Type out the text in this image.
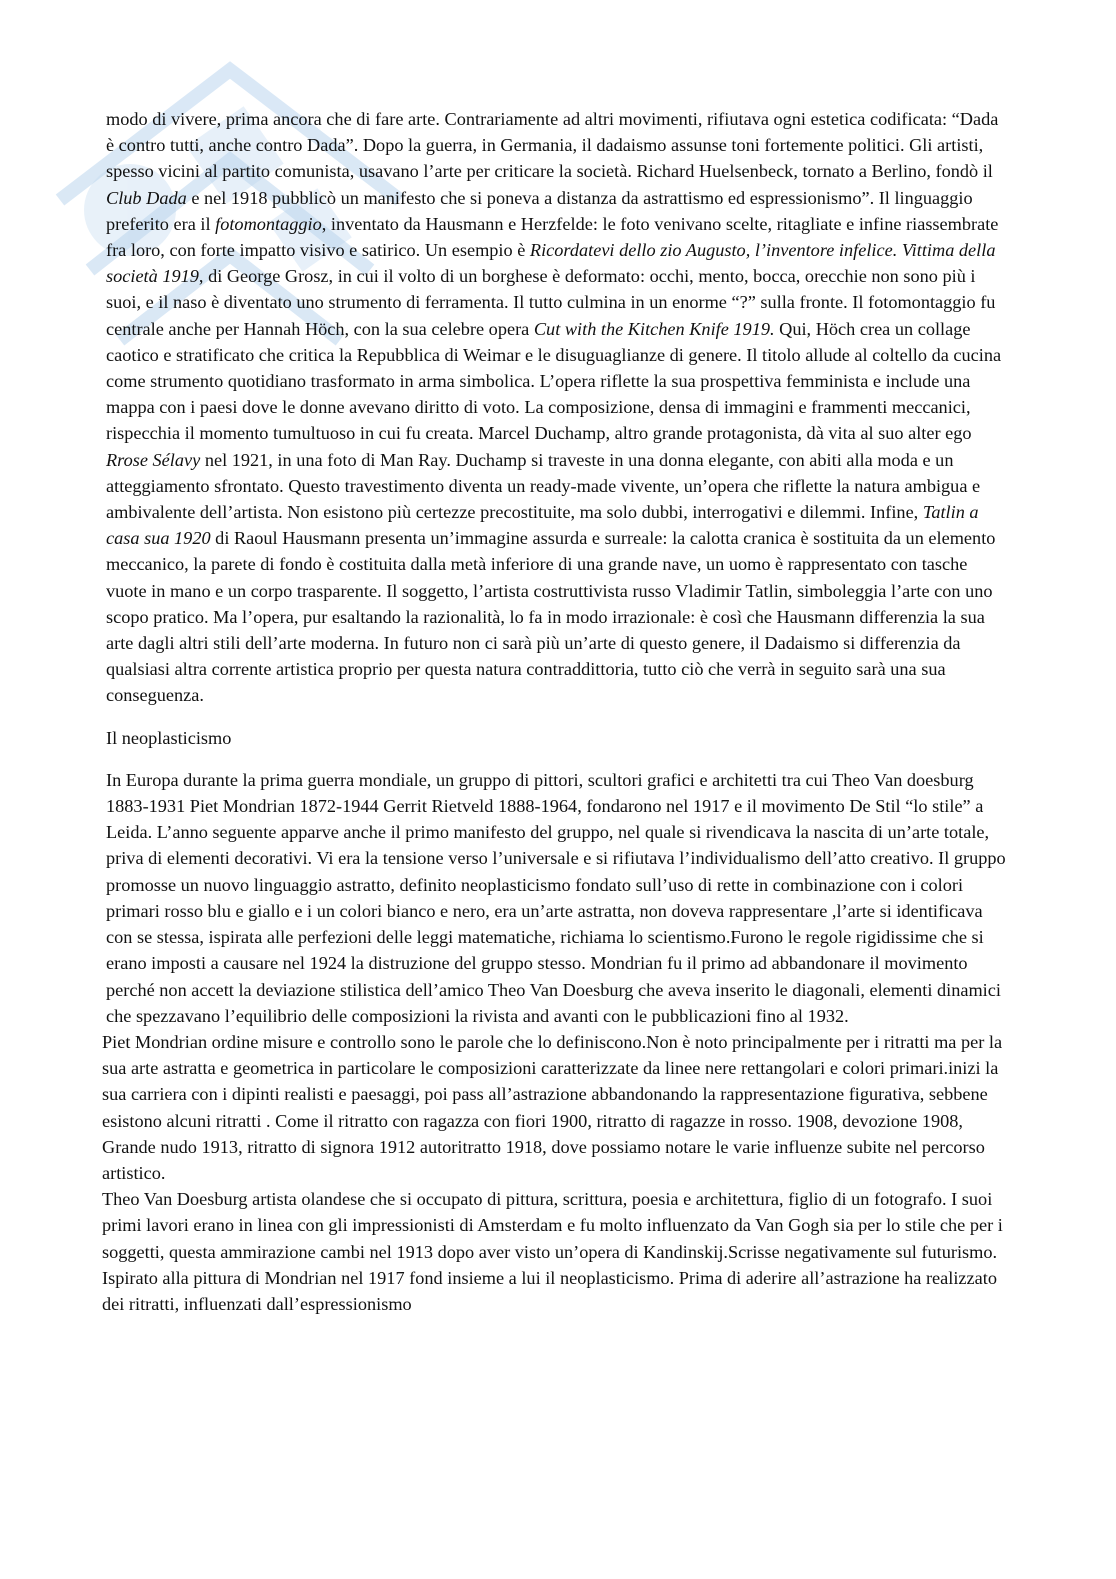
modo di vivere, prima ancora che di fare arte. Contrariamente ad altri movimenti, rifiutava ogni estetica codificata: “Dada è contro tutti, anche contro Dada”. Dopo la guerra, in Germania, il dadaismo assunse toni fortemente politici. Gli artisti, spesso vicini al partito comunista, usavano l’arte per criticare la società. Richard Huelsenbeck, tornato a Berlino, fondò il Club Dada e nel 1918 pubblicò un manifesto che si poneva a distanza da astrattismo ed espressionismo”. Il linguaggio preferito era il fotomontaggio, inventato da Hausmann e Herzfelde: le foto venivano scelte, ritagliate e infine riassembrate fra loro, con forte impatto visivo e satirico. Un esempio è Ricordatevi dello zio Augusto, l’inventore infelice. Vittima della società 1919, di George Grosz, in cui il volto di un borghese è deformato: occhi, mento, bocca, orecchie non sono più i suoi, e il naso è diventato uno strumento di ferramenta. Il tutto culmina in un enorme “?” sulla fronte. Il fotomontaggio fu centrale anche per Hannah Höch, con la sua celebre opera Cut with the Kitchen Knife 1919. Qui, Höch crea un collage caotico e stratificato che critica la Repubblica di Weimar e le disuguaglianze di genere. Il titolo allude al coltello da cucina come strumento quotidiano trasformato in arma simbolica. L’opera riflette la sua prospettiva femminista e include una mappa con i paesi dove le donne avevano diritto di voto. La composizione, densa di immagini e frammenti meccanici, rispecchia il momento tumultuoso in cui fu creata. Marcel Duchamp, altro grande protagonista, dà vita al suo alter ego Rrose Sélavy nel 1921, in una foto di Man Ray. Duchamp si traveste in una donna elegante, con abiti alla moda e un atteggiamento sfrontato. Questo travestimento diventa un ready-made vivente, un’opera che riflette la natura ambigua e ambivalente dell’artista. Non esistono più certezze precostituite, ma solo dubbi, interrogativi e dilemmi. Infine, Tatlin a casa sua 1920 di Raoul Hausmann presenta un’immagine assurda e surreale: la calotta cranica è sostituita da un elemento meccanico, la parete di fondo è costituita dalla metà inferiore di una grande nave, un uomo è rappresentato con tasche vuote in mano e un corpo trasparente. Il soggetto, l’artista costruttivista russo Vladimir Tatlin, simboleggia l’arte con uno scopo pratico. Ma l’opera, pur esaltando la razionalità, lo fa in modo irrazionale: è così che Hausmann differenzia la sua arte dagli altri stili dell’arte moderna. In futuro non ci sarà più un’arte di questo genere, il Dadaismo si differenzia da qualsiasi altra corrente artistica proprio per questa natura contraddittoria, tutto ciò che verrà in seguito sarà una sua conseguenza.

Il neoplasticismo

In Europa durante la prima guerra mondiale, un gruppo di pittori, scultori grafici e architetti tra cui Theo Van doesburg 1883-1931 Piet Mondrian 1872-1944 Gerrit Rietveld 1888-1964, fondarono nel 1917 e il movimento De Stil “lo stile” a Leida. L’anno seguente apparve anche il primo manifesto del gruppo, nel quale si rivendicava la nascita di un’arte totale, priva di elementi decorativi. Vi era la tensione verso l’universale e si rifiutava l’individualismo dell’atto creativo. Il gruppo promosse un nuovo linguaggio astratto, definito neoplasticismo fondato sull’uso di rette in combinazione con i colori primari rosso blu e giallo e i un colori bianco e nero, era un’arte astratta, non doveva rappresentare ,l’arte si identificava con se stessa, ispirata alle perfezioni delle leggi matematiche, richiama lo scientismo.Furono le regole rigidissime che si erano imposti a causare nel 1924 la distruzione del gruppo stesso. Mondrian fu il primo ad abbandonare il movimento perché non accett la deviazione stilistica dell’amico Theo Van Doesburg che aveva inserito le diagonali, elementi dinamici che spezzavano l’equilibrio delle composizioni la rivista and avanti con le pubblicazioni fino al 1932.

Piet Mondrian ordine misure e controllo sono le parole che lo definiscono.Non è noto principalmente per i ritratti ma per la sua arte astratta e geometrica in particolare le composizioni caratterizzate da linee nere rettangolari e colori primari.inizi la sua carriera con i dipinti realisti e paesaggi, poi pass all’astrazione abbandonando la rappresentazione figurativa, sebbene esistono alcuni ritratti . Come il ritratto con ragazza con fiori 1900, ritratto di ragazze in rosso. 1908, devozione 1908, Grande nudo 1913, ritratto di signora 1912 autoritratto 1918, dove possiamo notare le varie influenze subite nel percorso artistico.

Theo Van Doesburg artista olandese che si occupato di pittura, scrittura, poesia e architettura, figlio di un fotografo. I suoi primi lavori erano in linea con gli impressionisti di Amsterdam e fu molto influenzato da Van Gogh sia per lo stile che per i soggetti, questa ammirazione cambi nel 1913 dopo aver visto un’opera di Kandinskij.Scrisse negativamente sul futurismo. Ispirato alla pittura di Mondrian nel 1917 fond insieme a lui il neoplasticismo. Prima di aderire all’astrazione ha realizzato dei ritratti, influenzati dall’espressionismo
